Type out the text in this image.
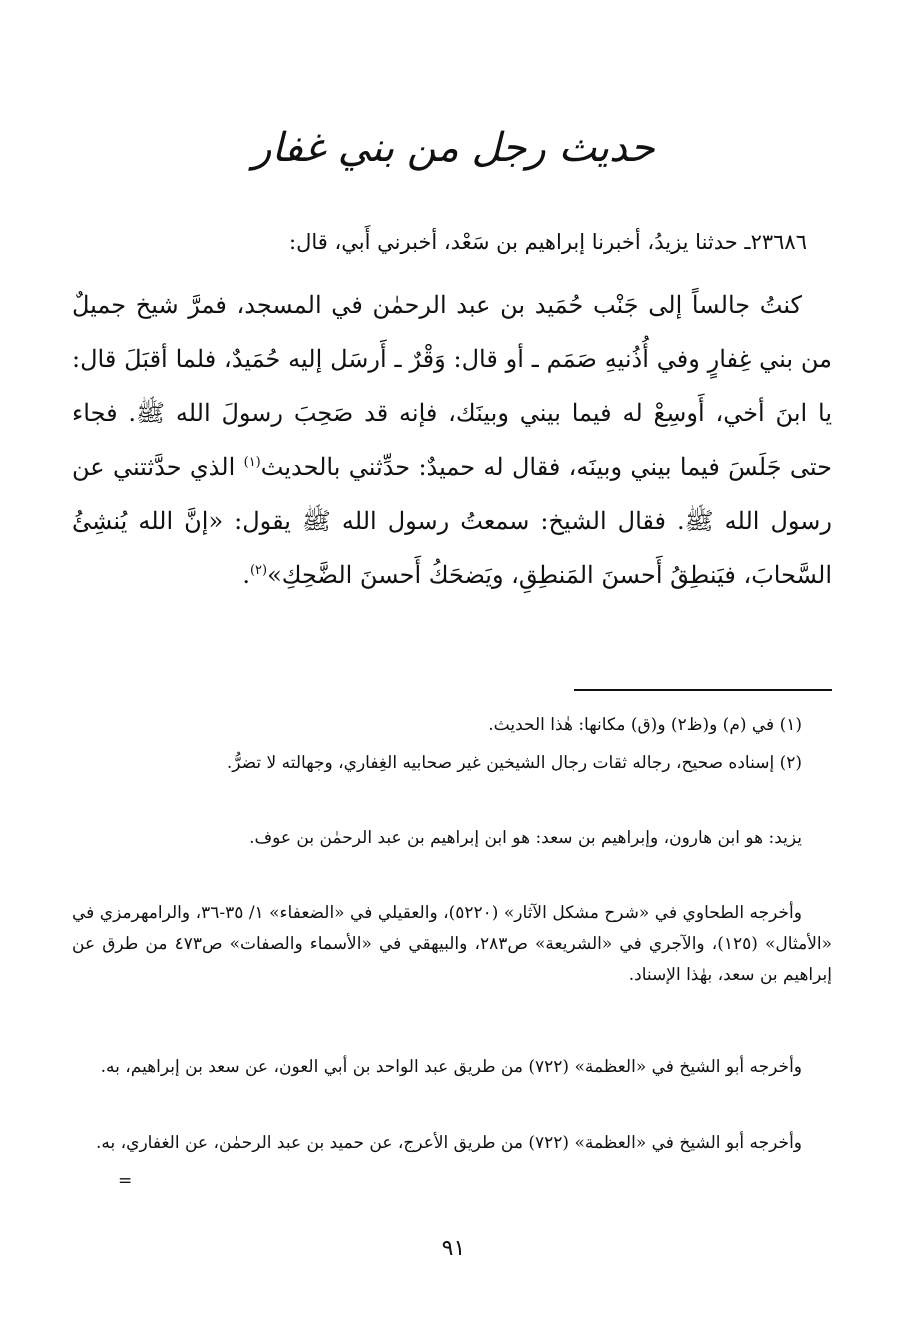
حديث رجل من بني غفار
٢٣٦٨٦ـ حدثنا يزيدُ، أخبرنا إبراهيم بن سَعْد، أخبرني أَبي، قال:

كنتُ جالساً إلى جَنْب حُمَيد بن عبد الرحمٰن في المسجد، فمرَّ شيخ جميلٌ من بني غِفارٍ وفي أُذُنيهِ صَمَم ـ أو قال: وَقْرٌ ـ أَرسَل إليه حُمَيدٌ، فلما أقبَلَ قال: يا ابنَ أخي، أَوسِعْ له فيما بيني وبينَك، فإنه قد صَحِبَ رسولَ الله ﷺ. فجاء حتى جَلَسَ فيما بيني وبينَه، فقال له حميدٌ: حدِّثني بالحديث$^{(١)}$ الذي حدَّثتني عن رسول الله ﷺ. فقال الشيخ: سمعتُ رسول الله ﷺ يقول: «إنَّ الله يُنشِئُ السَّحابَ، فيَنطِقُ أَحسنَ المَنطِقِ، ويَضحَكُ أَحسنَ الضَّحِكِ»$^{(٢)}$.

(١) في (م) و(ظ٢) و(ق) مكانها: هٰذا الحديث.

(٢) إسناده صحيح، رجاله ثقات رجال الشيخين غير صحابيه الغِفاري، وجهالته لا تضرُّ.

يزيد: هو ابن هارون، وإبراهيم بن سعد: هو ابن إبراهيم بن عبد الرحمٰن بن عوف.

وأخرجه الطحاوي في «شرح مشكل الآثار» (٥٢٢٠)، والعقيلي في «الضعفاء» ١/ ٣٥-٣٦، والرامهرمزي في «الأمثال» (١٢٥)، والآجري في «الشريعة» ص٢٨٣، والبيهقي في «الأسماء والصفات» ص٤٧٣ من طرق عن إبراهيم بن سعد، بهٰذا الإسناد.

وأخرجه أبو الشيخ في «العظمة» (٧٢٢) من طريق عبد الواحد بن أبي العون، عن سعد بن إبراهيم، به.

وأخرجه أبو الشيخ في «العظمة» (٧٢٢) من طريق الأعرج، عن حميد بن عبد الرحمٰن، عن الغفاري، به.

=
٩١
